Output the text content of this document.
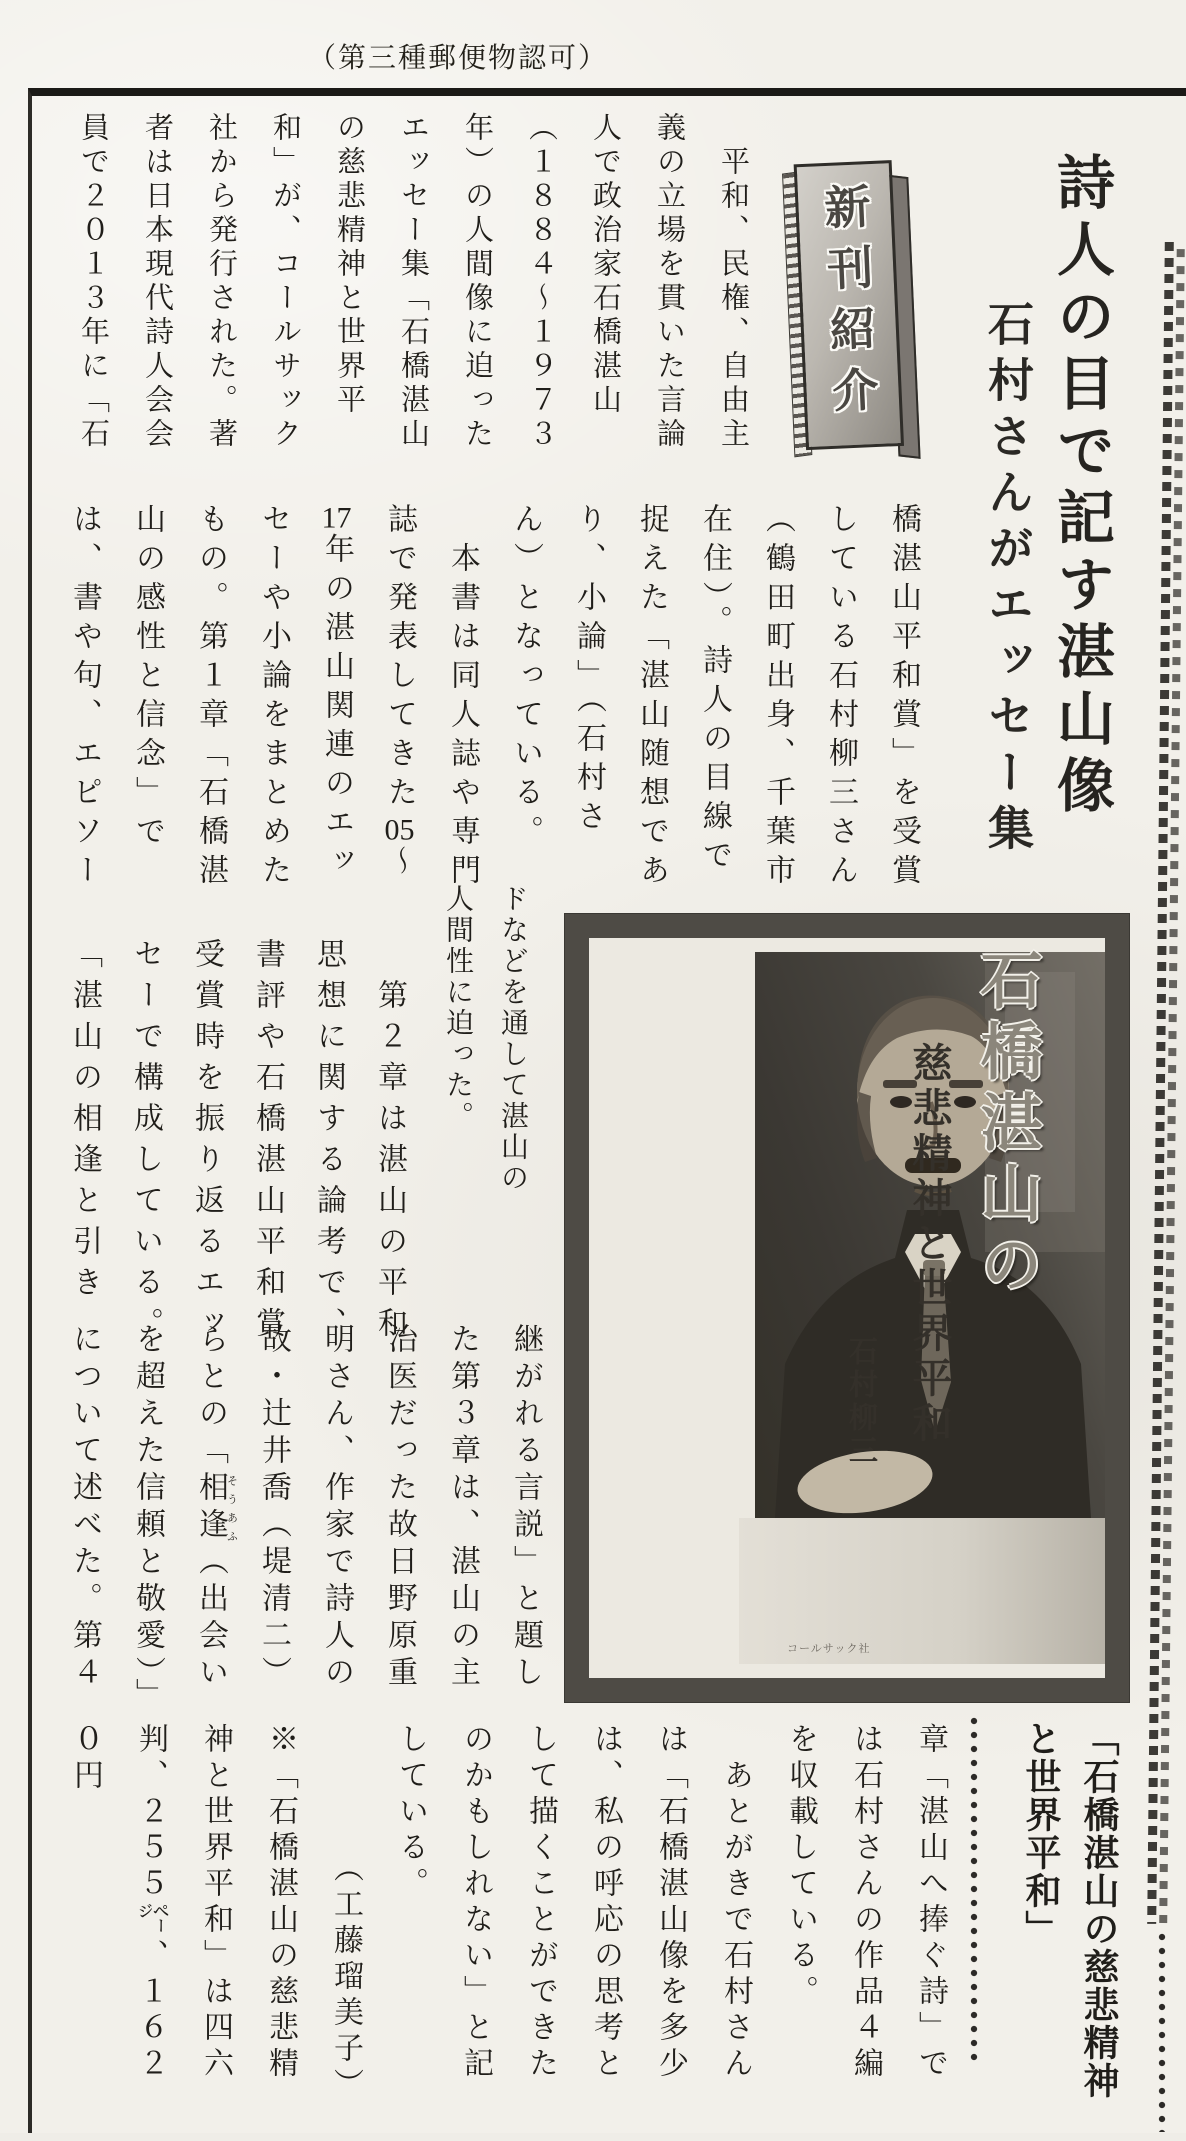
（第三種郵便物認可）
詩人の目で記す湛山像
石村さんがエッセー集
新刊紹介
　平和、民権、自由主
義の立場を貫いた言論
人で政治家石橋湛山
（１８８４～１９７３
年）の人間像に迫った
エッセー集「石橋湛山
の慈悲精神と世界平
和」が、コールサック
社から発行された。著
者は日本現代詩人会会
員で２０１３年に「石
橋湛山平和賞」を受賞
している石村柳三さん
（鶴田町出身、千葉市
在住）。詩人の目線で
捉えた「湛山随想であ
り、小論」（石村さ
ん）となっている。
　本書は同人誌や専門
誌で発表してきた05～
17年の湛山関連のエッ
セーや小論をまとめた
もの。第１章「石橋湛
山の感性と信念」で
は、書や句、エピソー
ドなどを通して湛山の
人間性に迫った。
　第２章は湛山の平和
思想に関する論考で、
書評や石橋湛山平和賞
受賞時を振り返るエッ
セーで構成している。
「湛山の相逢と引き
継がれる言説」と題し
た第３章は、湛山の主
治医だった故日野原重
明さん、作家で詩人の
故・辻井喬（堤清二）
らとの「相逢そうあふ（出会い
を超えた信頼と敬愛）」
について述べた。第４
章「湛山へ捧ぐ詩」で
は石村さんの作品４編
を収載している。
　あとがきで石村さん
は「石橋湛山像を多少
は、私の呼応の思考と
して描くことができた
のかもしれない」と記
している。
　　　　（工藤瑠美子）
※「石橋湛山の慈悲精
神と世界平和」は四六
判、２５５㌻、１６２
０円	「石橋湛山の慈悲精神
と世界平和」
石橋湛山の
慈悲精神と世界平和
石村柳三
コールサック社
